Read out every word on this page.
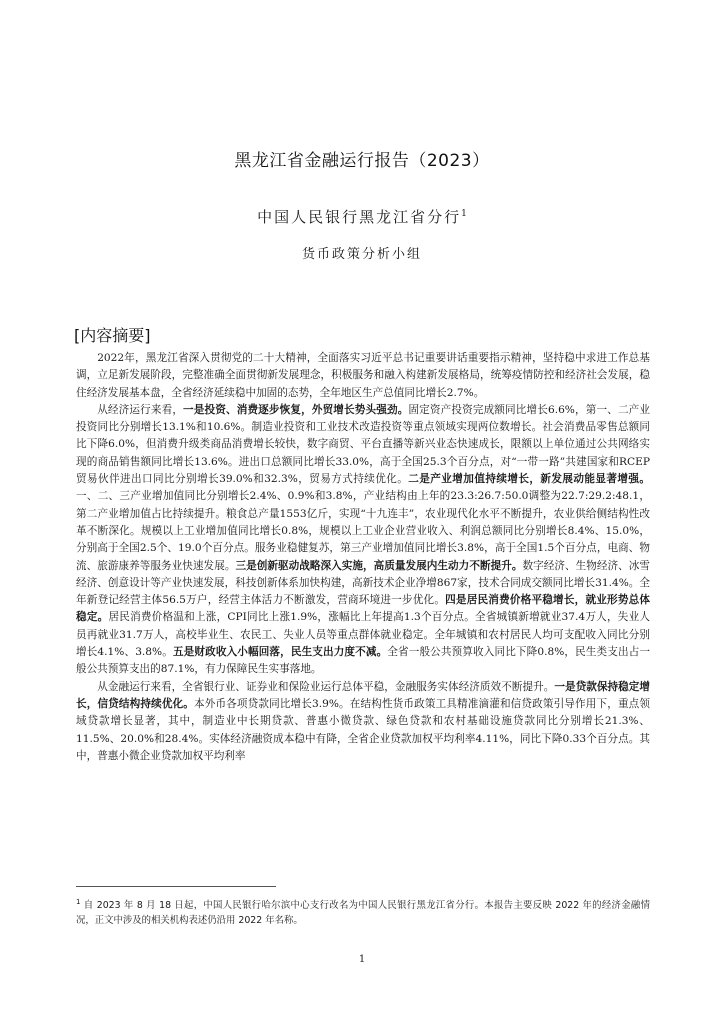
黑龙江省金融运行报告（2023）
中国人民银行黑龙江省分行$^1$
货币政策分析小组
[内容摘要]

2022年，黑龙江省深入贯彻党的二十大精神，全面落实习近平总书记重要讲话重要指示精神，坚持稳中求进工作总基调，立足新发展阶段，完整准确全面贯彻新发展理念，积极服务和融入构建新发展格局，统筹疫情防控和经济社会发展，稳住经济发展基本盘，全省经济延续稳中加固的态势，全年地区生产总值同比增长2.7%。

从经济运行来看，一是投资、消费逐步恢复，外贸增长势头强劲。固定资产投资完成额同比增长6.6%，第一、二产业投资同比分别增长13.1%和10.6%。制造业投资和工业技术改造投资等重点领域实现两位数增长。社会消费品零售总额同比下降6.0%，但消费升级类商品消费增长较快，数字商贸、平台直播等新兴业态快速成长，限额以上单位通过公共网络实现的商品销售额同比增长13.6%。进出口总额同比增长33.0%，高于全国25.3个百分点，对“一带一路”共建国家和RCEP贸易伙伴进出口同比分别增长39.0%和32.3%，贸易方式持续优化。二是产业增加值持续增长，新发展动能显著增强。一、二、三产业增加值同比分别增长2.4%、0.9%和3.8%，产业结构由上年的23.3:26.7:50.0调整为22.7:29.2:48.1，第二产业增加值占比持续提升。粮食总产量1553亿斤，实现“十九连丰”，农业现代化水平不断提升，农业供给侧结构性改革不断深化。规模以上工业增加值同比增长0.8%，规模以上工业企业营业收入、利润总额同比分别增长8.4%、15.0%，分别高于全国2.5个、19.0个百分点。服务业稳健复苏，第三产业增加值同比增长3.8%，高于全国1.5个百分点，电商、物流、旅游康养等服务业快速发展。三是创新驱动战略深入实施，高质量发展内生动力不断提升。数字经济、生物经济、冰雪经济、创意设计等产业快速发展，科技创新体系加快构建，高新技术企业净增867家，技术合同成交额同比增长31.4%。全年新登记经营主体56.5万户，经营主体活力不断激发，营商环境进一步优化。四是居民消费价格平稳增长，就业形势总体稳定。居民消费价格温和上涨，CPI同比上涨1.9%，涨幅比上年提高1.3个百分点。全省城镇新增就业37.4万人，失业人员再就业31.7万人，高校毕业生、农民工、失业人员等重点群体就业稳定。全年城镇和农村居民人均可支配收入同比分别增长4.1%、3.8%。五是财政收入小幅回落，民生支出力度不减。全省一般公共预算收入同比下降0.8%，民生类支出占一般公共预算支出的87.1%，有力保障民生实事落地。

从金融运行来看，全省银行业、证券业和保险业运行总体平稳，金融服务实体经济质效不断提升。一是贷款保持稳定增长，信贷结构持续优化。本外币各项贷款同比增长3.9%。在结构性货币政策工具精准滴灌和信贷政策引导作用下，重点领域贷款增长显著，其中，制造业中长期贷款、普惠小微贷款、绿色贷款和农村基础设施贷款同比分别增长21.3%、11.5%、20.0%和28.4%。实体经济融资成本稳中有降，全省企业贷款加权平均利率4.11%，同比下降0.33个百分点。其中，普惠小微企业贷款加权平均利率

$^1$ 自 2023 年 8 月 18 日起，中国人民银行哈尔滨中心支行改名为中国人民银行黑龙江省分行。本报告主要反映 2022 年的经济金融情况，正文中涉及的相关机构表述仍沿用 2022 年名称。
1
